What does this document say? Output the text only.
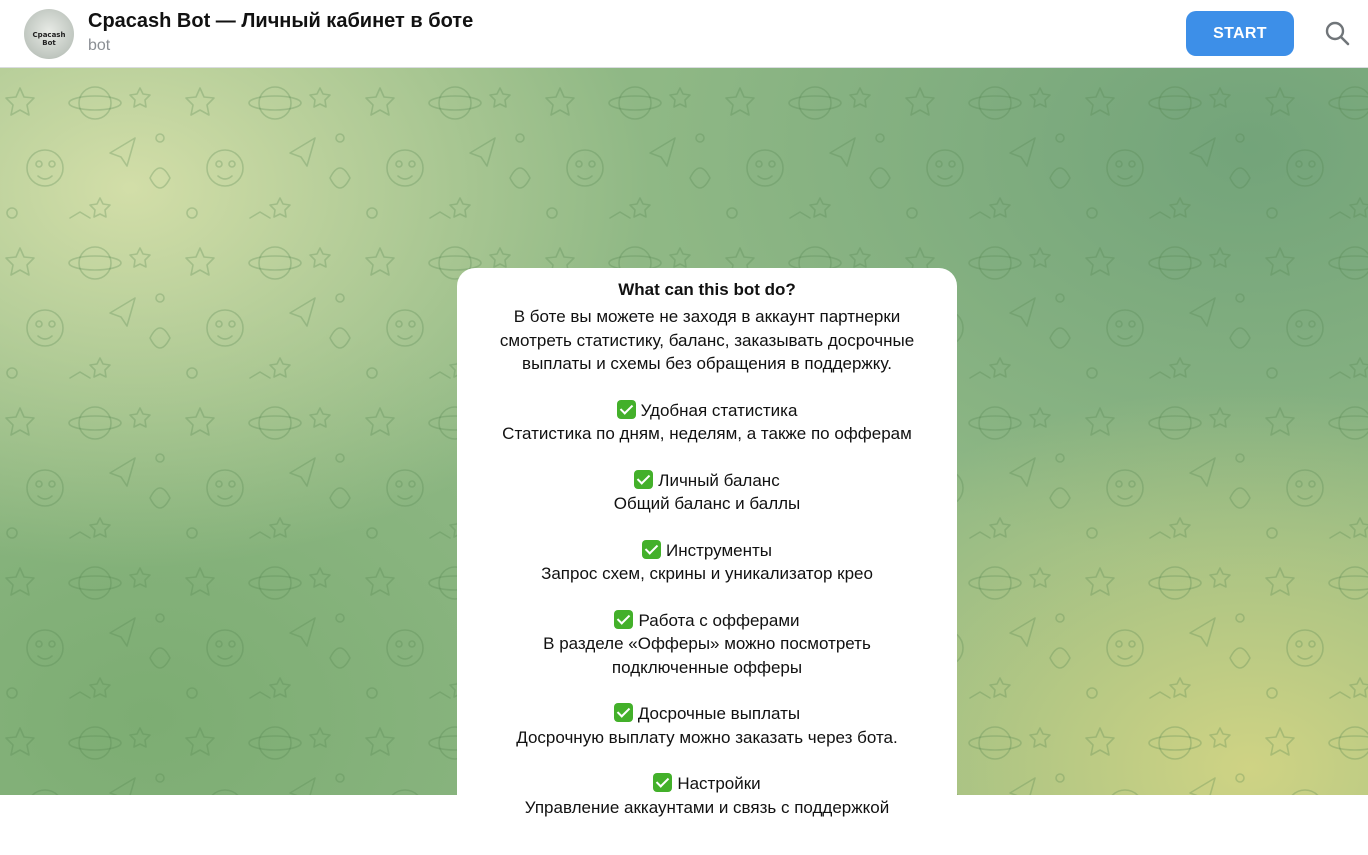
Cpacash Bot
Cpacash Bot — Личный кабинет в боте
bot
START
What can this bot do?
В боте вы можете не заходя в аккаунт партнерки смотреть статистику, баланс, заказывать досрочные выплаты и схемы без обращения в поддержку.
Удобная статистика
Статистика по дням, неделям, а также по офферам
Личный баланс
Общий баланс и баллы
Инструменты
Запрос схем, скрины и уникализатор крео
Работа с офферами
В разделе «Офферы» можно посмотреть подключенные офферы
Досрочные выплаты
Досрочную выплату можно заказать через бота.
Настройки
Управление аккаунтами и связь с поддержкой
